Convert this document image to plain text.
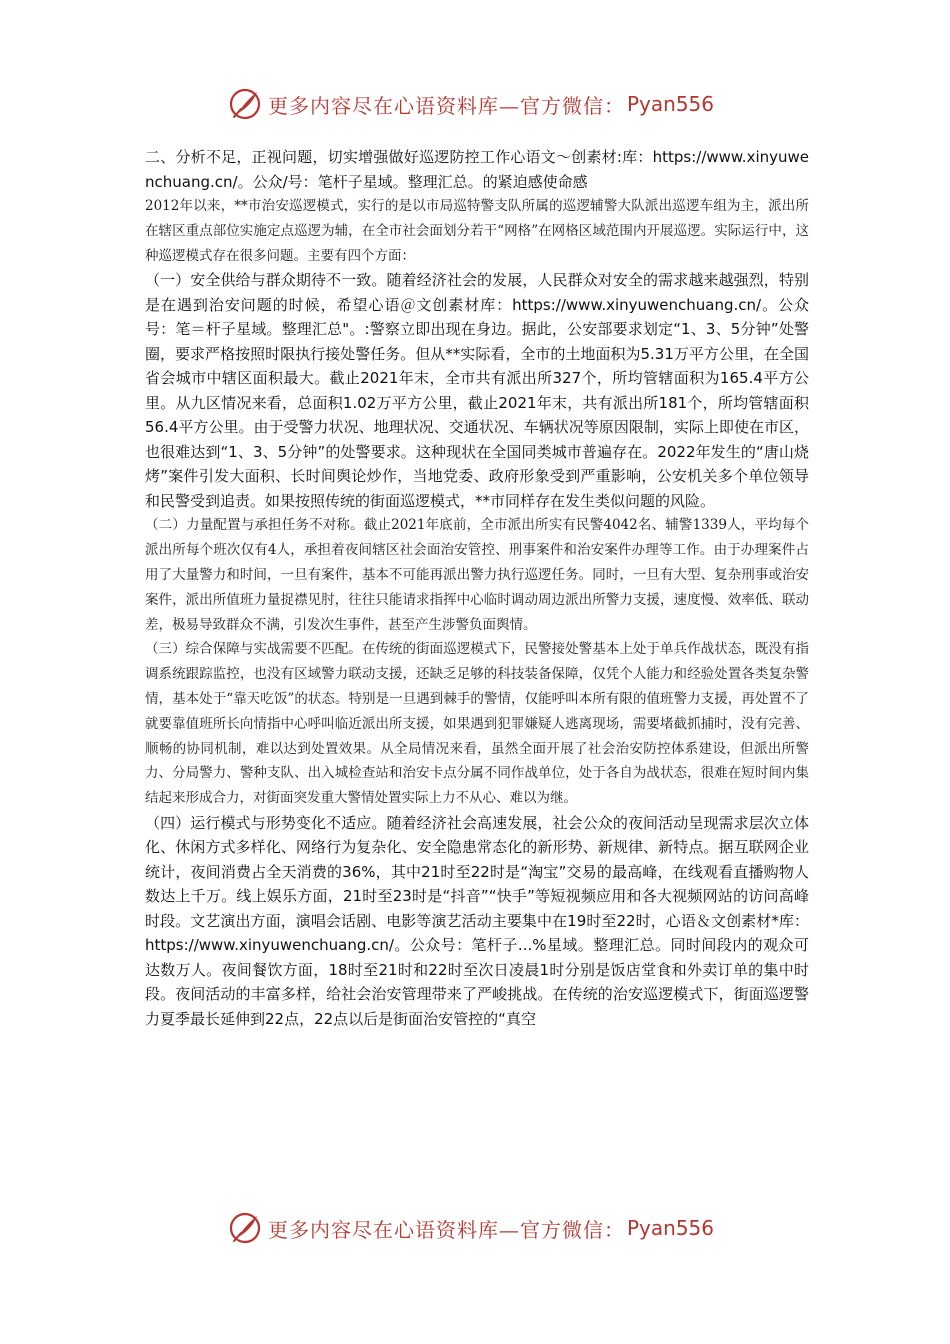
更多内容尽在心语资料库—官方微信： Pyan556

二、分析不足，正视问题，切实增强做好巡逻防控工作心语文～创素材:库：https://www.xinyuwenchuang.cn/。公众/号：笔杆子星域。整理汇总。的紧迫感使命感

2012年以来，**市治安巡逻模式，实行的是以市局巡特警支队所属的巡逻辅警大队派出巡逻车组为主，派出所在辖区重点部位实施定点巡逻为辅，在全市社会面划分若干“网格”在网格区域范围内开展巡逻。实际运行中，这种巡逻模式存在很多问题。主要有四个方面：

（一）安全供给与群众期待不一致。随着经济社会的发展，人民群众对安全的需求越来越强烈，特别是在遇到治安问题的时候，希望心语＠文创素材库：https://www.xinyuwenchuang.cn/。公众号：笔＝杆子星域。整理汇总"。:警察立即出现在身边。据此，公安部要求划定“1、3、5分钟”处警圈，要求严格按照时限执行接处警任务。但从**实际看，全市的土地面积为5.31万平方公里，在全国省会城市中辖区面积最大。截止2021年末，全市共有派出所327个，所均管辖面积为165.4平方公里。从九区情况来看，总面积1.02万平方公里，截止2021年末，共有派出所181个，所均管辖面积56.4平方公里。由于受警力状况、地理状况、交通状况、车辆状况等原因限制，实际上即使在市区，也很难达到“1、3、5分钟”的处警要求。这种现状在全国同类城市普遍存在。2022年发生的“唐山烧烤”案件引发大面积、长时间舆论炒作，当地党委、政府形象受到严重影响，公安机关多个单位领导和民警受到追责。如果按照传统的街面巡逻模式，**市同样存在发生类似问题的风险。

（二）力量配置与承担任务不对称。截止2021年底前，全市派出所实有民警4042名、辅警1339人，平均每个派出所每个班次仅有4人，承担着夜间辖区社会面治安管控、刑事案件和治安案件办理等工作。由于办理案件占用了大量警力和时间，一旦有案件，基本不可能再派出警力执行巡逻任务。同时，一旦有大型、复杂刑事或治安案件，派出所值班力量捉襟见肘，往往只能请求指挥中心临时调动周边派出所警力支援，速度慢、效率低、联动差，极易导致群众不满，引发次生事件，甚至产生涉警负面舆情。

（三）综合保障与实战需要不匹配。在传统的街面巡逻模式下，民警接处警基本上处于单兵作战状态，既没有指调系统跟踪监控，也没有区域警力联动支援，还缺乏足够的科技装备保障，仅凭个人能力和经验处置各类复杂警情，基本处于“靠天吃饭”的状态。特别是一旦遇到棘手的警情，仅能呼叫本所有限的值班警力支援，再处置不了就要靠值班所长向情指中心呼叫临近派出所支援，如果遇到犯罪嫌疑人逃离现场，需要堵截抓捕时，没有完善、顺畅的协同机制，难以达到处置效果。从全局情况来看，虽然全面开展了社会治安防控体系建设，但派出所警力、分局警力、警种支队、出入城检查站和治安卡点分属不同作战单位，处于各自为战状态，很难在短时间内集结起来形成合力，对街面突发重大警情处置实际上力不从心、难以为继。

（四）运行模式与形势变化不适应。随着经济社会高速发展，社会公众的夜间活动呈现需求层次立体化、休闲方式多样化、网络行为复杂化、安全隐患常态化的新形势、新规律、新特点。据互联网企业统计，夜间消费占全天消费的36%，其中21时至22时是“淘宝”交易的最高峰，在线观看直播购物人数达上千万。线上娱乐方面，21时至23时是“抖音”“快手”等短视频应用和各大视频网站的访问高峰时段。文艺演出方面，演唱会话剧、电影等演艺活动主要集中在19时至22时，心语＆文创素材*库：https://www.xinyuwenchuang.cn/。公众号：笔杆子...%星域。整理汇总。同时间段内的观众可达数万人。夜间餐饮方面，18时至21时和22时至次日凌晨1时分别是饭店堂食和外卖订单的集中时段。夜间活动的丰富多样，给社会治安管理带来了严峻挑战。在传统的治安巡逻模式下，街面巡逻警力夏季最长延伸到22点，22点以后是街面治安管控的“真空

更多内容尽在心语资料库—官方微信： Pyan556
